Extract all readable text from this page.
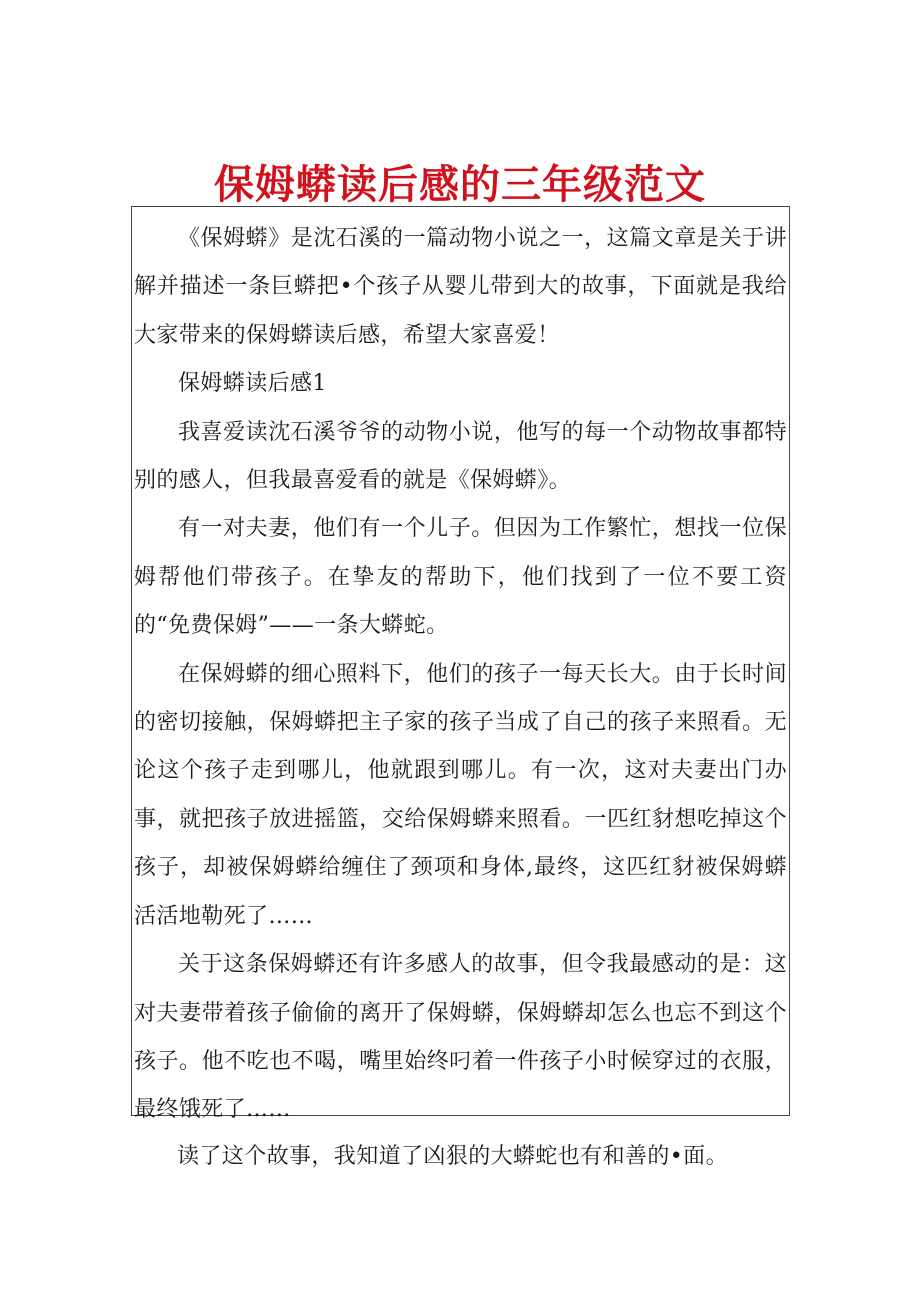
保姆蟒读后感的三年级范文

《保姆蟒》是沈石溪的一篇动物小说之一，这篇文章是关于讲解并描述一条巨蟒把•个孩子从婴儿带到大的故事，下面就是我给大家带来的保姆蟒读后感，希望大家喜爱！

保姆蟒读后感1

我喜爱读沈石溪爷爷的动物小说，他写的每一个动物故事都特别的感人，但我最喜爱看的就是《保姆蟒》。

有一对夫妻，他们有一个儿子。但因为工作繁忙，想找一位保姆帮他们带孩子。在挚友的帮助下，他们找到了一位不要工资的“免费保姆”——一条大蟒蛇。

在保姆蟒的细心照料下，他们的孩子一每天长大。由于长时间的密切接触，保姆蟒把主子家的孩子当成了自己的孩子来照看。无论这个孩子走到哪儿，他就跟到哪儿。有一次，这对夫妻出门办事，就把孩子放进摇篮，交给保姆蟒来照看。一匹红豺想吃掉这个孩子，却被保姆蟒给缠住了颈项和身体,最终，这匹红豺被保姆蟒活活地勒死了……

关于这条保姆蟒还有许多感人的故事，但令我最感动的是：这对夫妻带着孩子偷偷的离开了保姆蟒，保姆蟒却怎么也忘不到这个孩子。他不吃也不喝，嘴里始终叼着一件孩子小时候穿过的衣服，最终饿死了……

读了这个故事，我知道了凶狠的大蟒蛇也有和善的•面。
